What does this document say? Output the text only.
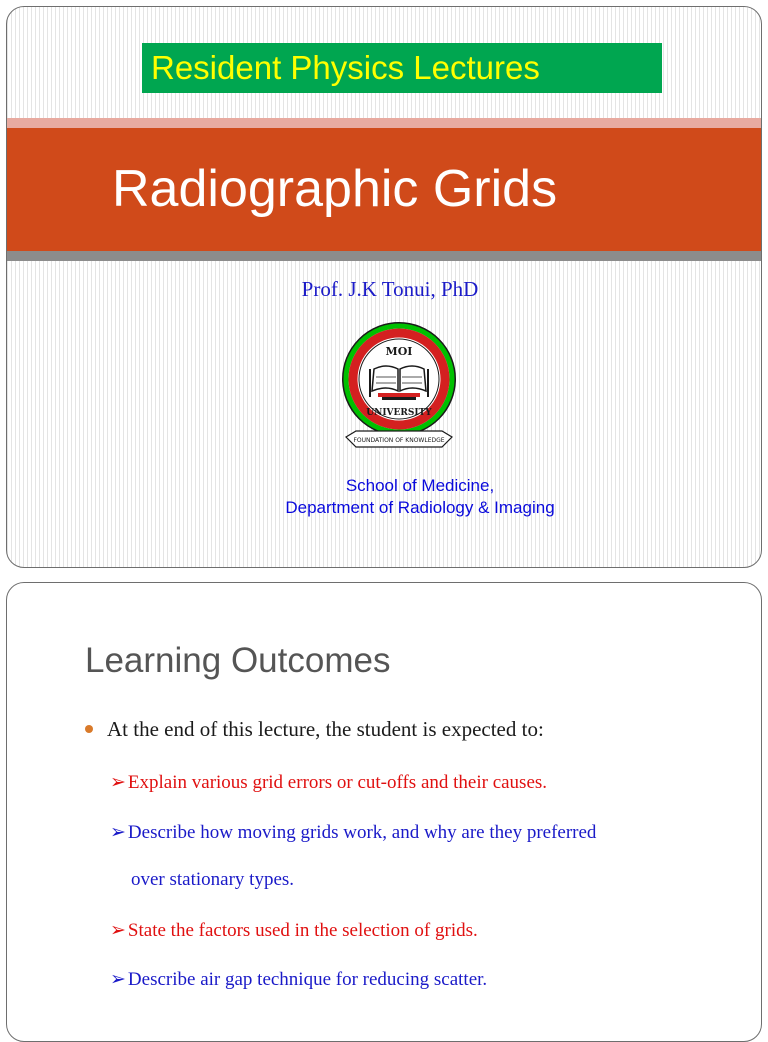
Resident Physics Lectures
Radiographic Grids
Prof. J.K Tonui, PhD
MOI
UNIVERSITY
FOUNDATION OF KNOWLEDGE
School of Medicine,
Department of Radiology & Imaging
Learning Outcomes
At the end of this lecture, the student is expected to:
➢ Explain various grid errors or cut-offs and their causes.
➢ Describe how moving grids work, and why are they preferred
over stationary types.
➢ State the factors used in the selection of grids.
➢ Describe air gap technique for reducing scatter.
